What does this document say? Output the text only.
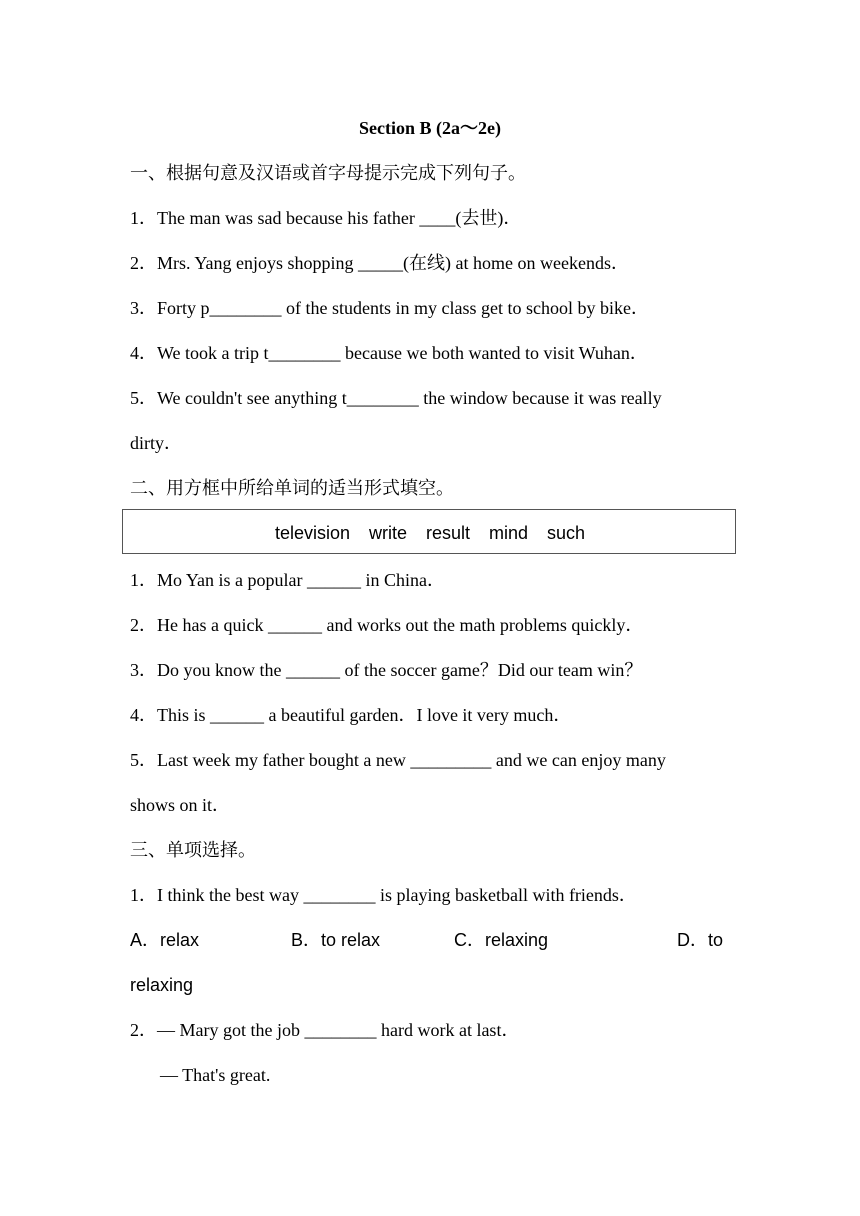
Section B (2a～2e)
一、根据句意及汉语或首字母提示完成下列句子。
1．The man was sad because his father ____(去世)．
2．Mrs. Yang enjoys shopping _____(在线) at home on weekends．
3．Forty p________ of the students in my class get to school by bike．
4．We took a trip t________ because we both wanted to visit Wuhan．
5．We couldn't see anything t________ the window because it was really
dirty．
二、用方框中所给单词的适当形式填空。
television write result mind such
1．Mo Yan is a popular ______ in China．
2．He has a quick ______ and works out the math problems quickly．
3．Do you know the ______ of the soccer game？Did our team win？
4．This is ______ a beautiful garden．I love it very much．
5．Last week my father bought a new _________ and we can enjoy many
shows on it．
三、单项选择。
1．I think the best way ________ is playing basketball with friends．
A．relax	B．to relax	C．relaxing	D．to
relaxing
2．— Mary got the job ________ hard work at last．
— That's great.
